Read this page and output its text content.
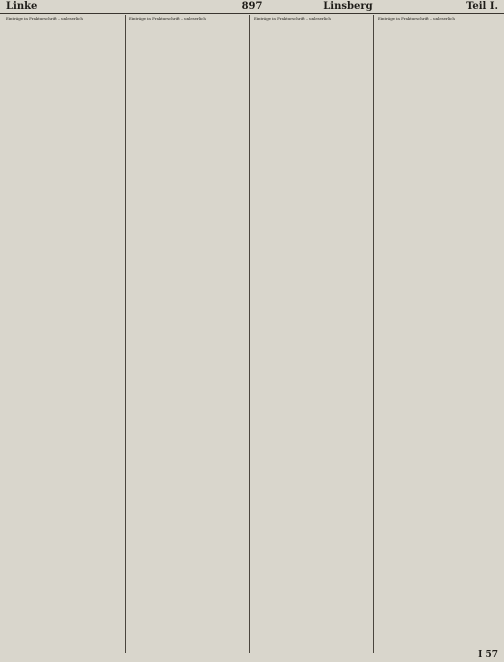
Linke	897	Linsberg	Teil I.
Einträge in Frakturschrift – unleserlich	Einträge in Frakturschrift – unleserlich	Einträge in Frakturschrift – unleserlich	Einträge in Frakturschrift – unleserlich
I 57
